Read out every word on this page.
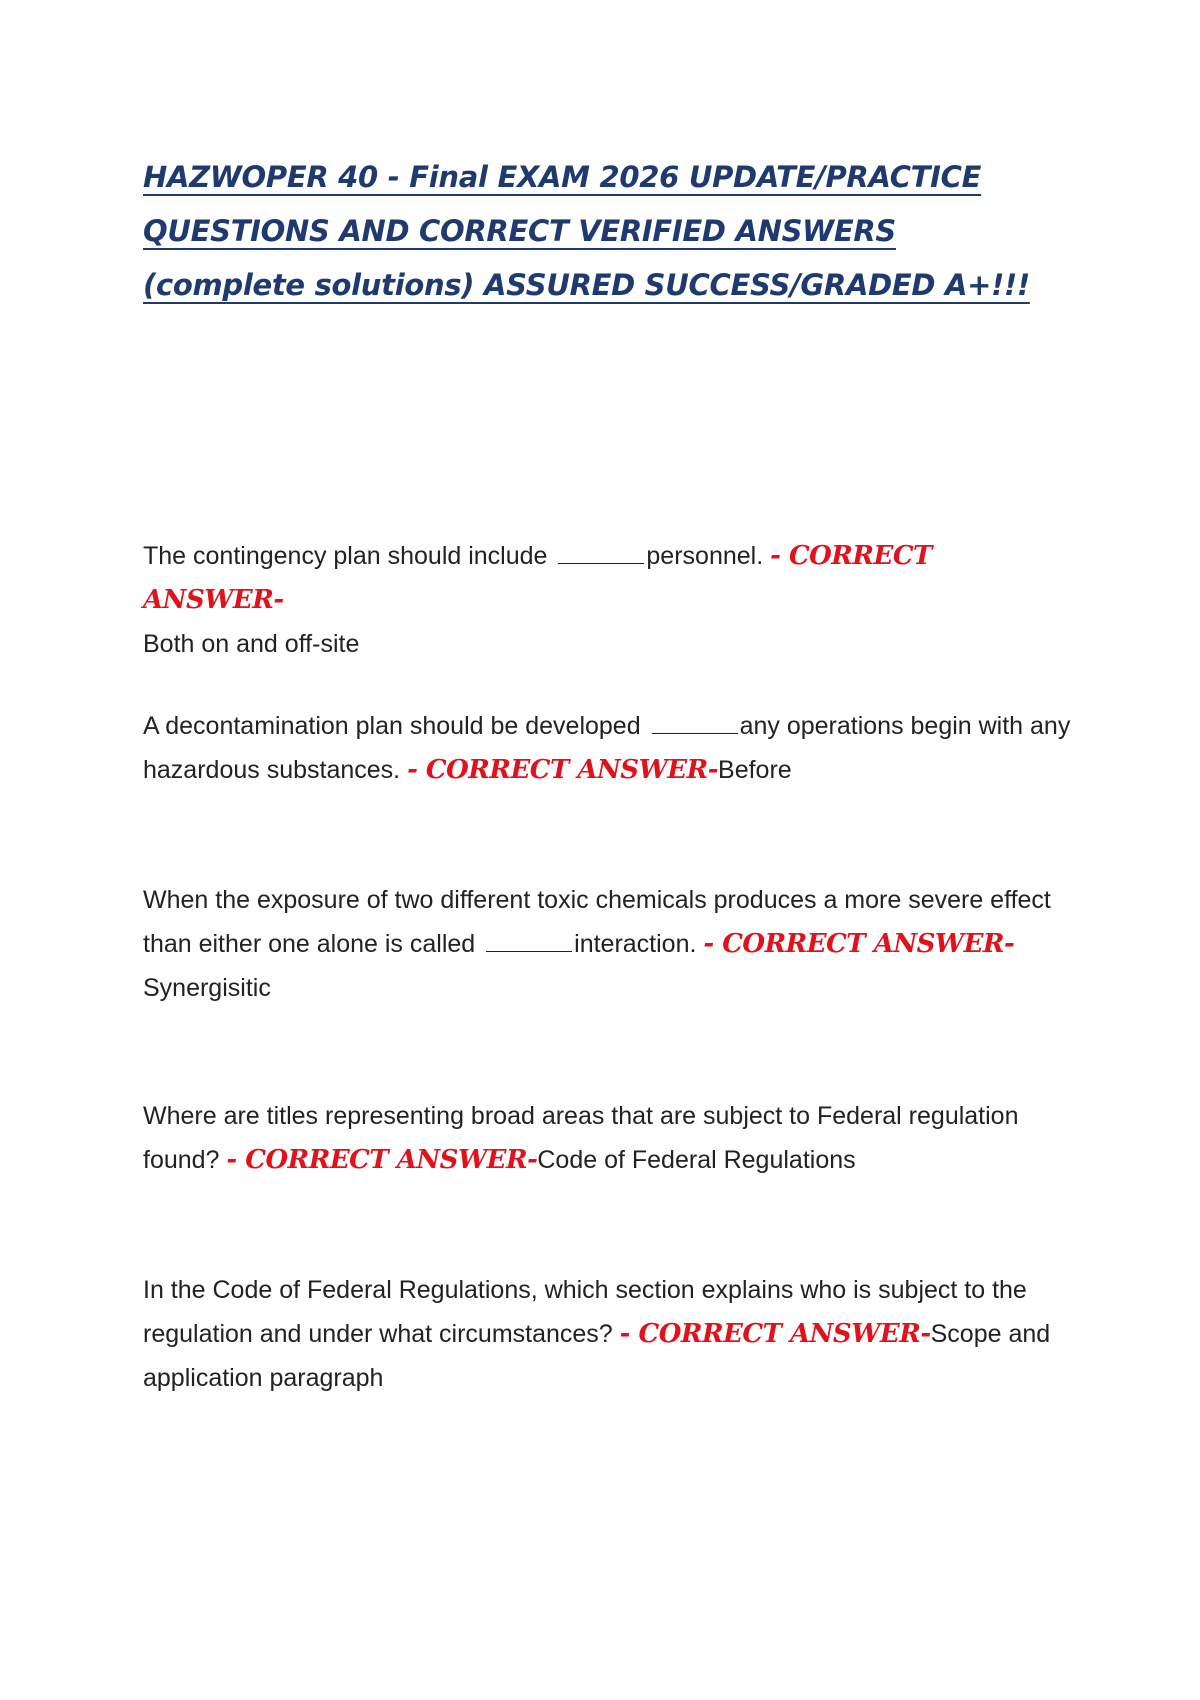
HAZWOPER 40 - Final EXAM 2026 UPDATE/PRACTICE QUESTIONS AND CORRECT VERIFIED ANSWERS (complete solutions) ASSURED SUCCESS/GRADED A+!!!

The contingency plan should include	personnel. - CORRECT ANSWER-
Both on and off-site

A decontamination plan should be developed	any operations begin with any hazardous substances. - CORRECT ANSWER-Before

When the exposure of two different toxic chemicals produces a more severe effect than either one alone is called	interaction. - CORRECT ANSWER-
Synergisitic

Where are titles representing broad areas that are subject to Federal regulation found? - CORRECT ANSWER-Code of Federal Regulations

In the Code of Federal Regulations, which section explains who is subject to the regulation and under what circumstances? - CORRECT ANSWER-Scope and application paragraph
